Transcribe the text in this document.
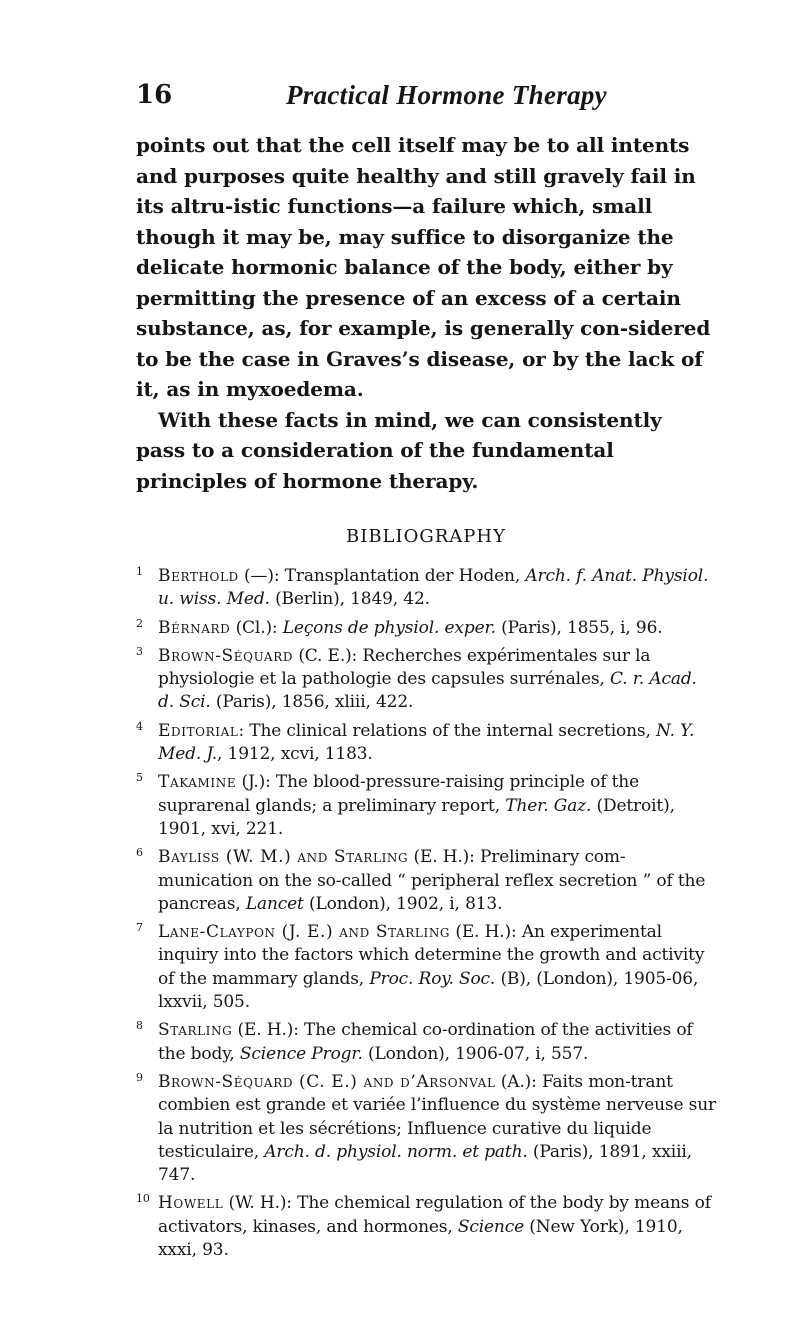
16	Practical Hormone Therapy

points out that the cell itself may be to all intents and purposes quite healthy and still gravely fail in its altru-istic functions—a failure which, small though it may be, may suffice to disorganize the delicate hormonic balance of the body, either by permitting the presence of an excess of a certain substance, as, for example, is generally con-sidered to be the case in Graves’s disease, or by the lack of it, as in myxoedema.

With these facts in mind, we can consistently pass to a consideration of the fundamental principles of hormone therapy.

BIBLIOGRAPHY

1 Berthold (—): Transplantation der Hoden, Arch. f. Anat. Physiol. u. wiss. Med. (Berlin), 1849, 42.

2 Bérnard (Cl.): Leçons de physiol. exper. (Paris), 1855, i, 96.

3 Brown-Séquard (C. E.): Recherches expérimentales sur la physiologie et la pathologie des capsules surrénales, C. r. Acad. d. Sci. (Paris), 1856, xliii, 422.

4 Editorial: The clinical relations of the internal secretions, N. Y. Med. J., 1912, xcvi, 1183.

5 Takamine (J.): The blood-pressure-raising principle of the suprarenal glands; a preliminary report, Ther. Gaz. (Detroit), 1901, xvi, 221.

6 Bayliss (W. M.) and Starling (E. H.): Preliminary com-munication on the so-called “ peripheral reflex secretion ” of the pancreas, Lancet (London), 1902, i, 813.

7 Lane-Claypon (J. E.) and Starling (E. H.): An experimental inquiry into the factors which determine the growth and activity of the mammary glands, Proc. Roy. Soc. (B), (London), 1905-06, lxxvii, 505.

8 Starling (E. H.): The chemical co-ordination of the activities of the body, Science Progr. (London), 1906-07, i, 557.

9 Brown-Séquard (C. E.) and d’Arsonval (A.): Faits mon-trant combien est grande et variée l’influence du système nerveuse sur la nutrition et les sécrétions; Influence curative du liquide testiculaire, Arch. d. physiol. norm. et path. (Paris), 1891, xxiii, 747.

10 Howell (W. H.): The chemical regulation of the body by means of activators, kinases, and hormones, Science (New York), 1910, xxxi, 93.
